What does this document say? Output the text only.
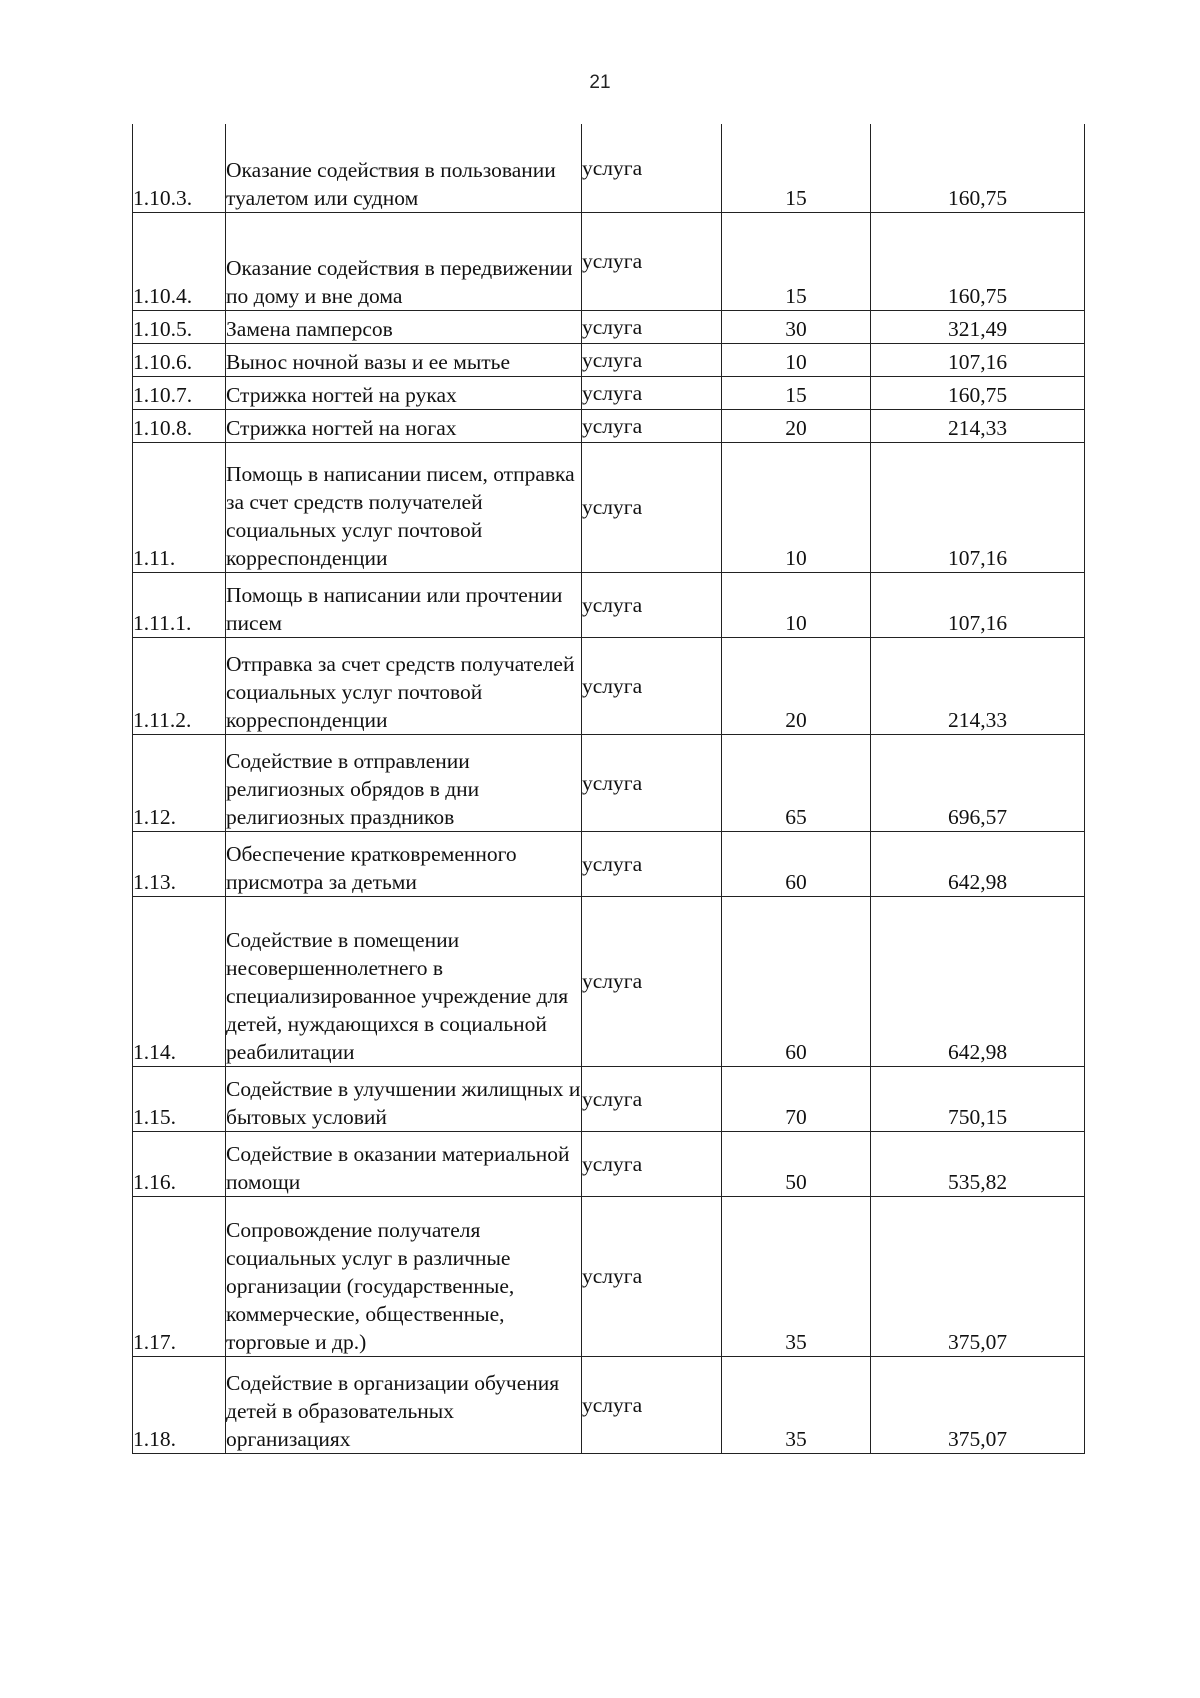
21
1.10.3.	Оказание содействия в пользовании туалетом или судном	услуга	15	160,75
1.10.4.	Оказание содействия в передвижении по дому и вне дома	услуга	15	160,75
1.10.5.	Замена памперсов	услуга	30	321,49
1.10.6.	Вынос ночной вазы и ее мытье	услуга	10	107,16
1.10.7.	Стрижка ногтей на руках	услуга	15	160,75
1.10.8.	Стрижка ногтей на ногах	услуга	20	214,33
1.11.	Помощь в написании писем, отправка за счет средств получателей социальных услуг почтовой корреспонденции	услуга	10	107,16
1.11.1.	Помощь в написании или прочтении писем	услуга	10	107,16
1.11.2.	Отправка за счет средств получателей социальных услуг почтовой корреспонденции	услуга	20	214,33
1.12.	Содействие в отправлении религиозных обрядов в дни религиозных праздников	услуга	65	696,57
1.13.	Обеспечение кратковременного присмотра за детьми	услуга	60	642,98
1.14.	Содействие в помещении несовершеннолетнего в специализированное учреждение для детей, нуждающихся в социальной реабилитации	услуга	60	642,98
1.15.	Содействие в улучшении жилищных и бытовых условий	услуга	70	750,15
1.16.	Содействие в оказании материальной помощи	услуга	50	535,82
1.17.	Сопровождение получателя социальных услуг в различные организации (государственные, коммерческие, общественные, торговые и др.)	услуга	35	375,07
1.18.	Содействие в организации обучения детей в образовательных организациях	услуга	35	375,07
